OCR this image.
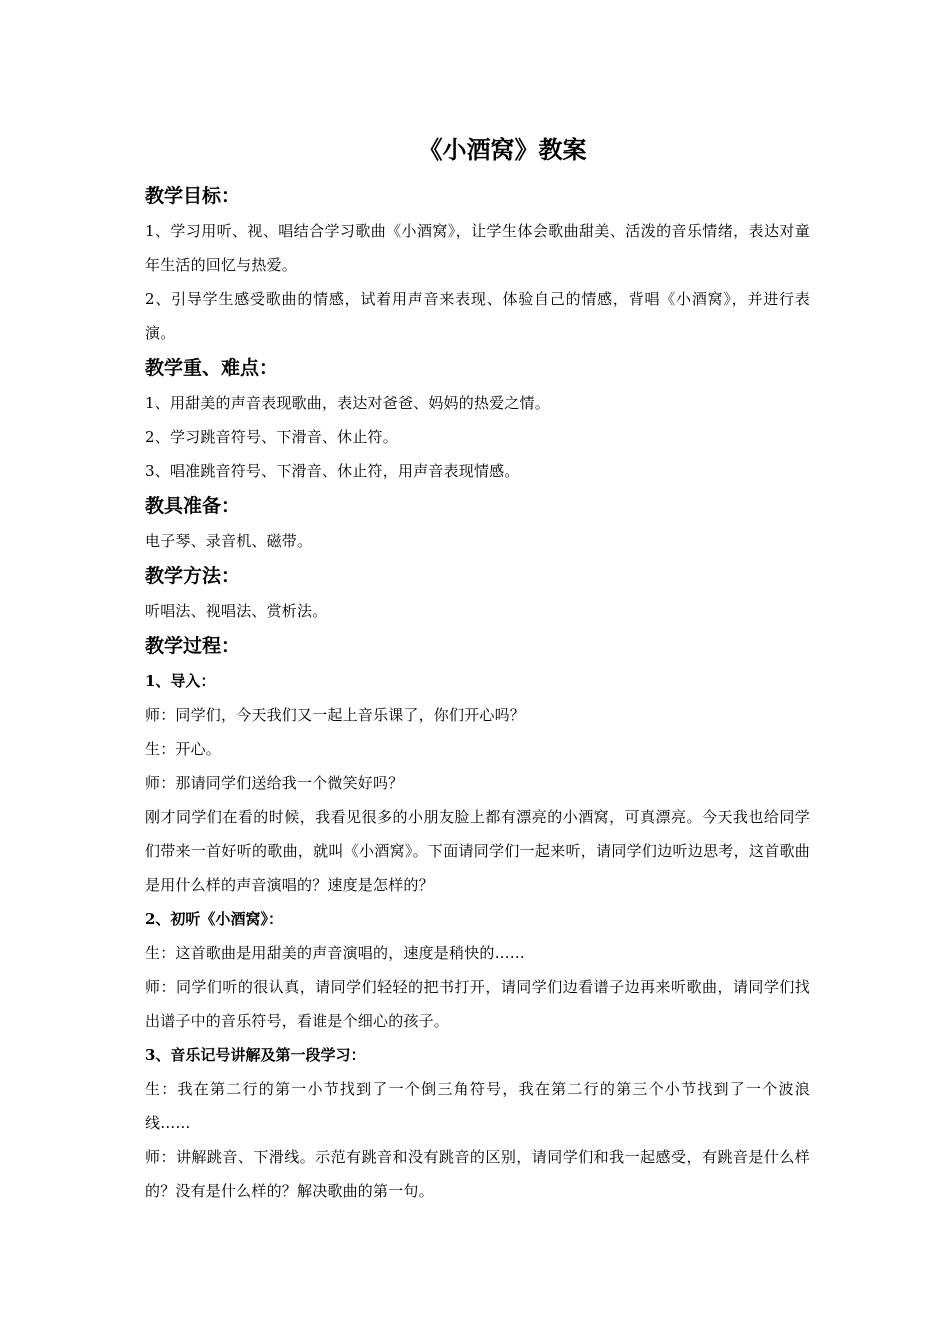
《小酒窝》教案
教学目标：

1、学习用听、视、唱结合学习歌曲《小酒窝》，让学生体会歌曲甜美、活泼的音乐情绪，表达对童年生活的回忆与热爱。

2、引导学生感受歌曲的情感，试着用声音来表现、体验自己的情感，背唱《小酒窝》，并进行表演。

教学重、难点：

1、用甜美的声音表现歌曲，表达对爸爸、妈妈的热爱之情。

2、学习跳音符号、下滑音、休止符。

3、唱准跳音符号、下滑音、休止符，用声音表现情感。

教具准备：

电子琴、录音机、磁带。

教学方法：

听唱法、视唱法、赏析法。

教学过程：
1、导入：

师：同学们，今天我们又一起上音乐课了，你们开心吗？

生：开心。

师：那请同学们送给我一个微笑好吗？

刚才同学们在看的时候，我看见很多的小朋友脸上都有漂亮的小酒窝，可真漂亮。今天我也给同学们带来一首好听的歌曲，就叫《小酒窝》。下面请同学们一起来听，请同学们边听边思考，这首歌曲是用什么样的声音演唱的？速度是怎样的？

2、初听《小酒窝》：

生：这首歌曲是用甜美的声音演唱的，速度是稍快的……

师：同学们听的很认真，请同学们轻轻的把书打开，请同学们边看谱子边再来听歌曲，请同学们找出谱子中的音乐符号，看谁是个细心的孩子。

3、音乐记号讲解及第一段学习：

生：我在第二行的第一小节找到了一个倒三角符号，我在第二行的第三个小节找到了一个波浪线……

师：讲解跳音、下滑线。示范有跳音和没有跳音的区别，请同学们和我一起感受，有跳音是什么样的？没有是什么样的？解决歌曲的第一句。
